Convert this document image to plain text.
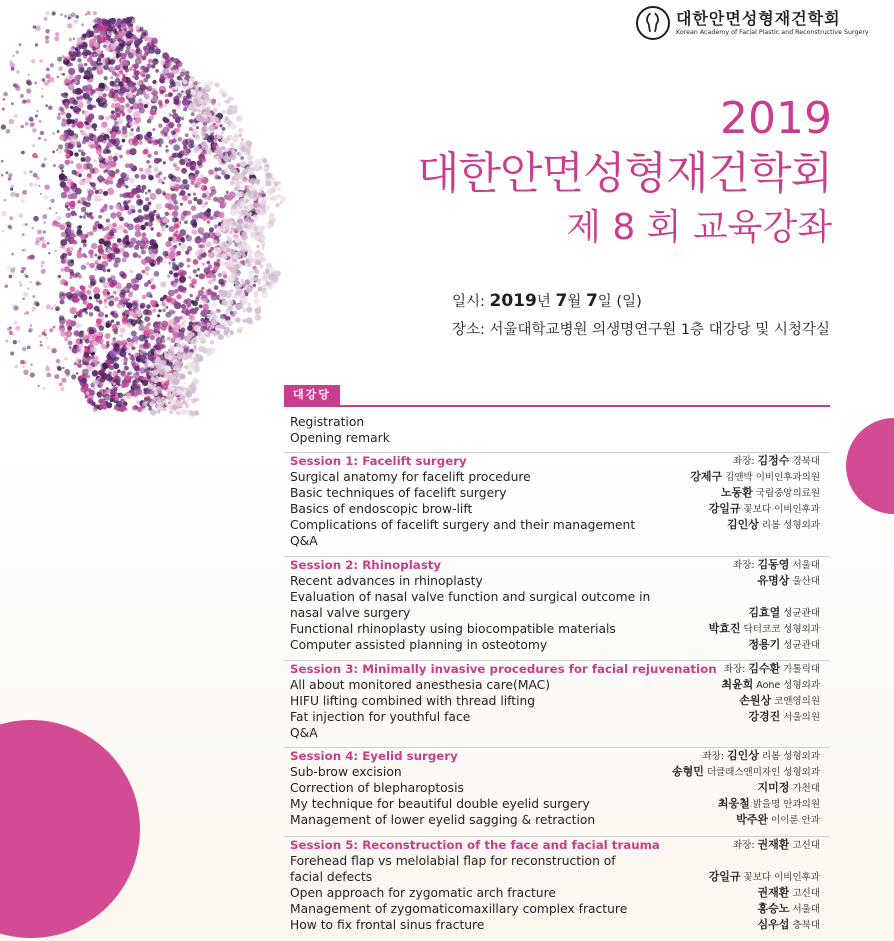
대한안면성형재건학회
Korean Academy of Facial Plastic and Reconstructive Surgery
2019
대한안면성형재건학회
제 8 회 교육강좌
일시: 2019년 7월 7일 (일)
장소: 서울대학교병원 의생명연구원 1층 대강당 및 시청각실
대강당
Registration
Opening remark
Session 1: Facelift surgery	좌장: 김정수 경북대
Surgical anatomy for facelift procedure	강제구 김앤박 이비인후과의원
Basic techniques of facelift surgery	노동환 국립중앙의료원
Basics of endoscopic brow-lift	강일규 꽃보다 이비인후과
Complications of facelift surgery and their management	김인상 리봄 성형외과
Q&A
Session 2: Rhinoplasty	좌장: 김동영 서울대
Recent advances in rhinoplasty	유명상 울산대
Evaluation of nasal valve function and surgical outcome in
nasal valve surgery	김효열 성균관대
Functional rhinoplasty using biocompatible materials	박효진 닥터코코 성형외과
Computer assisted planning in osteotomy	정용기 성균관대
Session 3: Minimally invasive procedures for facial rejuvenation 좌장: 김수환 가톨릭대
All about monitored anesthesia care(MAC)	최윤희 Aone 성형외과
HIFU lifting combined with thread lifting	손원상 코앤영의원
Fat injection for youthful face	강경진 서울의원
Q&A
Session 4: Eyelid surgery	좌장: 김인상 리봄 성형외과
Sub-brow excision	송형민 더클래스앤미자인 성형외과
Correction of blepharoptosis	지미정 가천대
My technique for beautiful double eyelid surgery	최웅철 밝을명 안과의원
Management of lower eyelid sagging & retraction	박주완 이이룬 안과
Session 5: Reconstruction of the face and facial trauma	좌장: 권재환 고신대
Forehead flap vs melolabial flap for reconstruction of
facial defects	강일규 꽃보다 이비인후과
Open approach for zygomatic arch fracture	권재환 고신대
Management of zygomaticomaxillary complex fracture	홍승노 서울대
How to fix frontal sinus fracture	심우섭 충북대
